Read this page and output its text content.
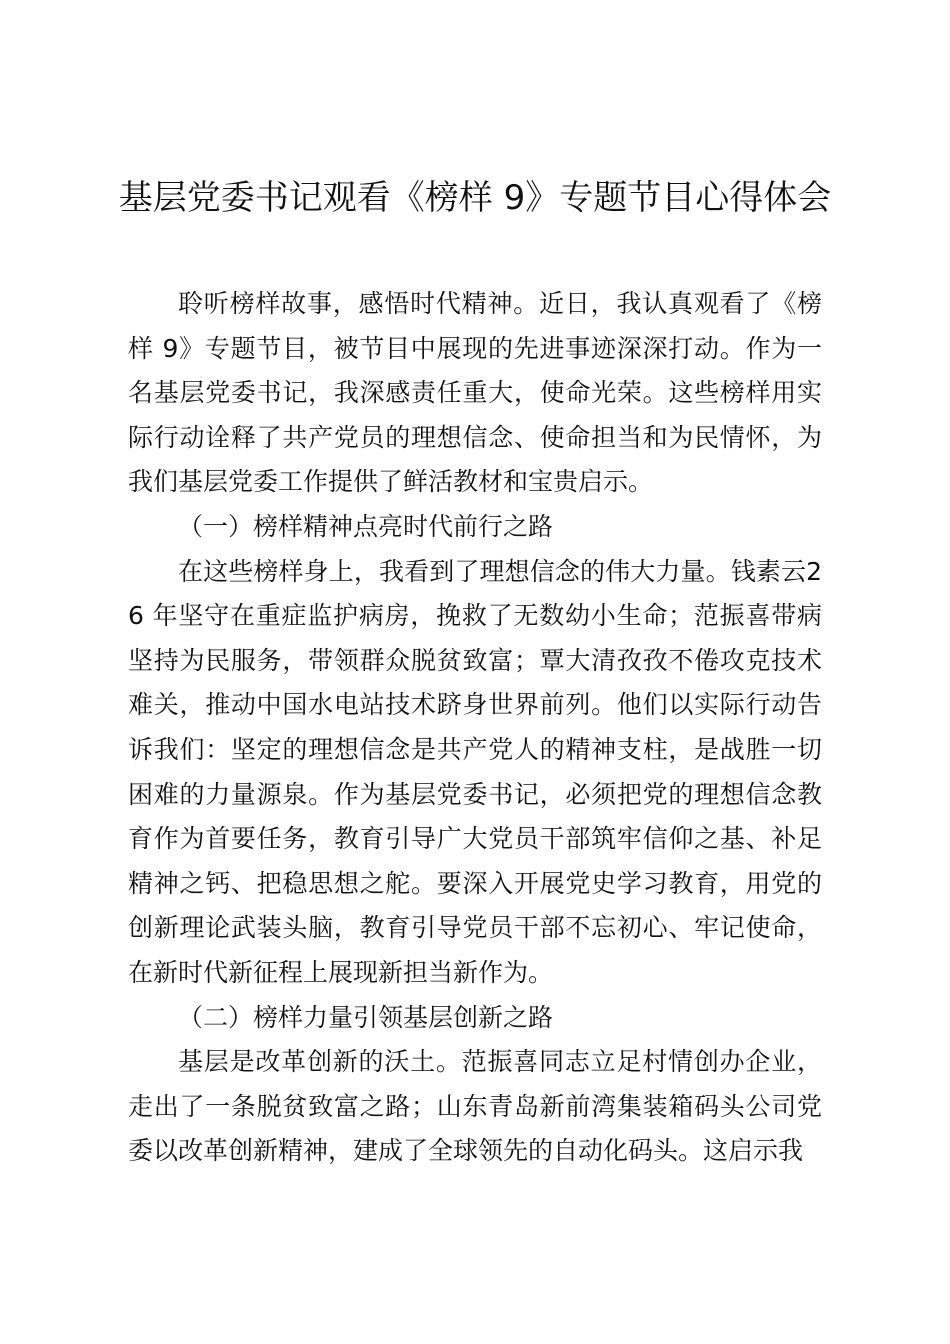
基层党委书记观看《榜样 9》专题节目心得体会

聆听榜样故事，感悟时代精神。近日，我认真观看了《榜样 9》专题节目，被节目中展现的先进事迹深深打动。作为一名基层党委书记，我深感责任重大，使命光荣。这些榜样用实际行动诠释了共产党员的理想信念、使命担当和为民情怀，为我们基层党委工作提供了鲜活教材和宝贵启示。

（一）榜样精神点亮时代前行之路

在这些榜样身上，我看到了理想信念的伟大力量。钱素云26 年坚守在重症监护病房，挽救了无数幼小生命；范振喜带病坚持为民服务，带领群众脱贫致富；覃大清孜孜不倦攻克技术难关，推动中国水电站技术跻身世界前列。他们以实际行动告诉我们：坚定的理想信念是共产党人的精神支柱，是战胜一切困难的力量源泉。作为基层党委书记，必须把党的理想信念教育作为首要任务，教育引导广大党员干部筑牢信仰之基、补足精神之钙、把稳思想之舵。要深入开展党史学习教育，用党的创新理论武装头脑，教育引导党员干部不忘初心、牢记使命，在新时代新征程上展现新担当新作为。

（二）榜样力量引领基层创新之路

基层是改革创新的沃土。范振喜同志立足村情创办企业，走出了一条脱贫致富之路；山东青岛新前湾集装箱码头公司党委以改革创新精神，建成了全球领先的自动化码头。这启示我
